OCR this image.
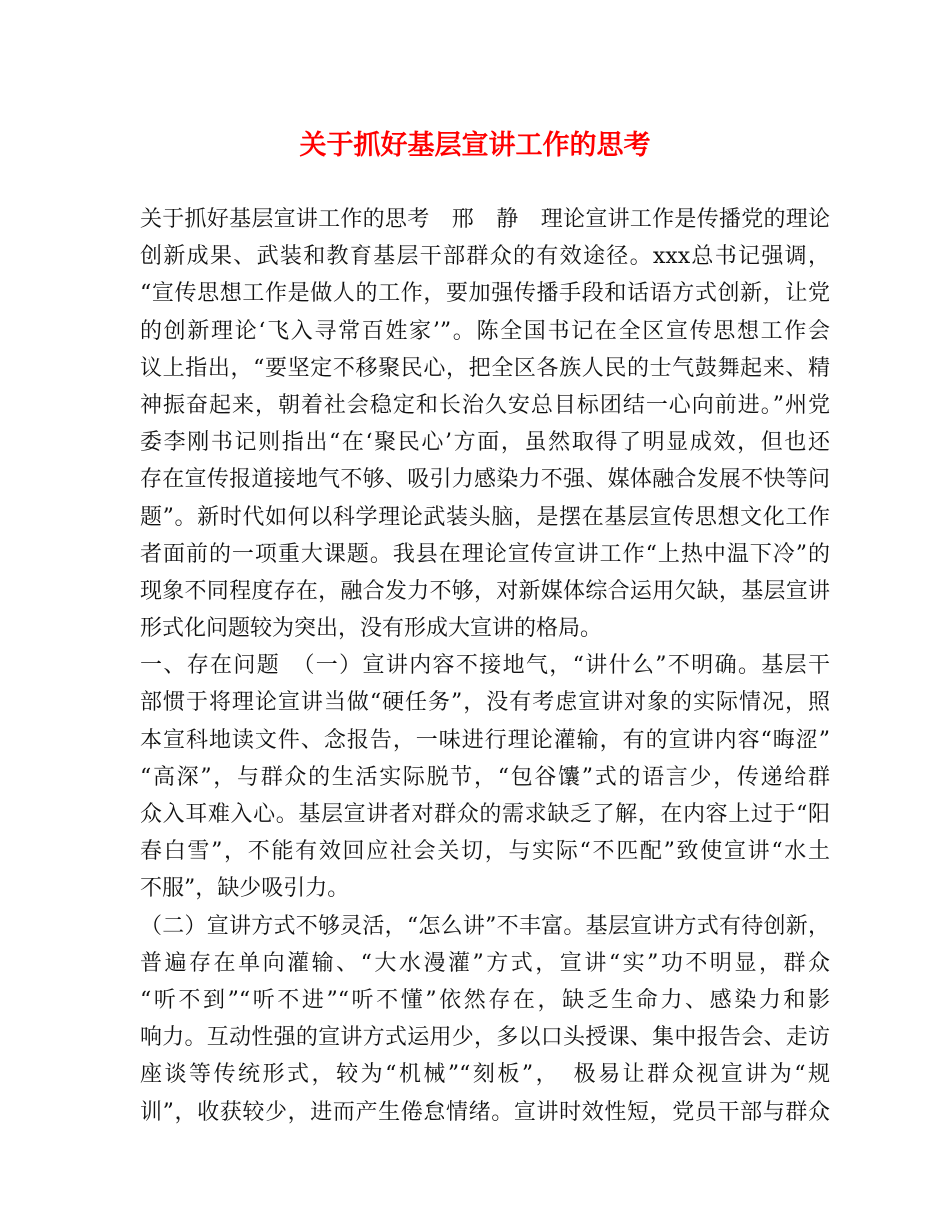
关于抓好基层宣讲工作的思考
关于抓好基层宣讲工作的思考　邢　静　理论宣讲工作是传播党的理论
创新成果、武装和教育基层干部群众的有效途径。xxx总书记强调，
“宣传思想工作是做人的工作，要加强传播手段和话语方式创新，让党
的创新理论‘飞入寻常百姓家’”。陈全国书记在全区宣传思想工作会
议上指出，“要坚定不移聚民心，把全区各族人民的士气鼓舞起来、精
神振奋起来，朝着社会稳定和长治久安总目标团结一心向前进。”州党
委李刚书记则指出“在‘聚民心’方面，虽然取得了明显成效，但也还
存在宣传报道接地气不够、吸引力感染力不强、媒体融合发展不快等问
题”。新时代如何以科学理论武装头脑，是摆在基层宣传思想文化工作
者面前的一项重大课题。我县在理论宣传宣讲工作“上热中温下冷”的
现象不同程度存在，融合发力不够，对新媒体综合运用欠缺，基层宣讲
形式化问题较为突出，没有形成大宣讲的格局。
一、存在问题　（一）宣讲内容不接地气，“讲什么”不明确。基层干
部惯于将理论宣讲当做“硬任务”，没有考虑宣讲对象的实际情况，照
本宣科地读文件、念报告，一味进行理论灌输，有的宣讲内容“晦涩”
“高深”，与群众的生活实际脱节，“包谷馕”式的语言少，传递给群
众入耳难入心。基层宣讲者对群众的需求缺乏了解，在内容上过于“阳
春白雪”，不能有效回应社会关切，与实际“不匹配”致使宣讲“水土
不服”，缺少吸引力。
（二）宣讲方式不够灵活，“怎么讲”不丰富。基层宣讲方式有待创新，
普遍存在单向灌输、“大水漫灌”方式，宣讲“实”功不明显，群众
“听不到”“听不进”“听不懂”依然存在，缺乏生命力、感染力和影
响力。互动性强的宣讲方式运用少，多以口头授课、集中报告会、走访
座谈等传统形式，较为“机械”“刻板”，　极易让群众视宣讲为“规
训”，收获较少，进而产生倦怠情绪。宣讲时效性短，党员干部与群众
